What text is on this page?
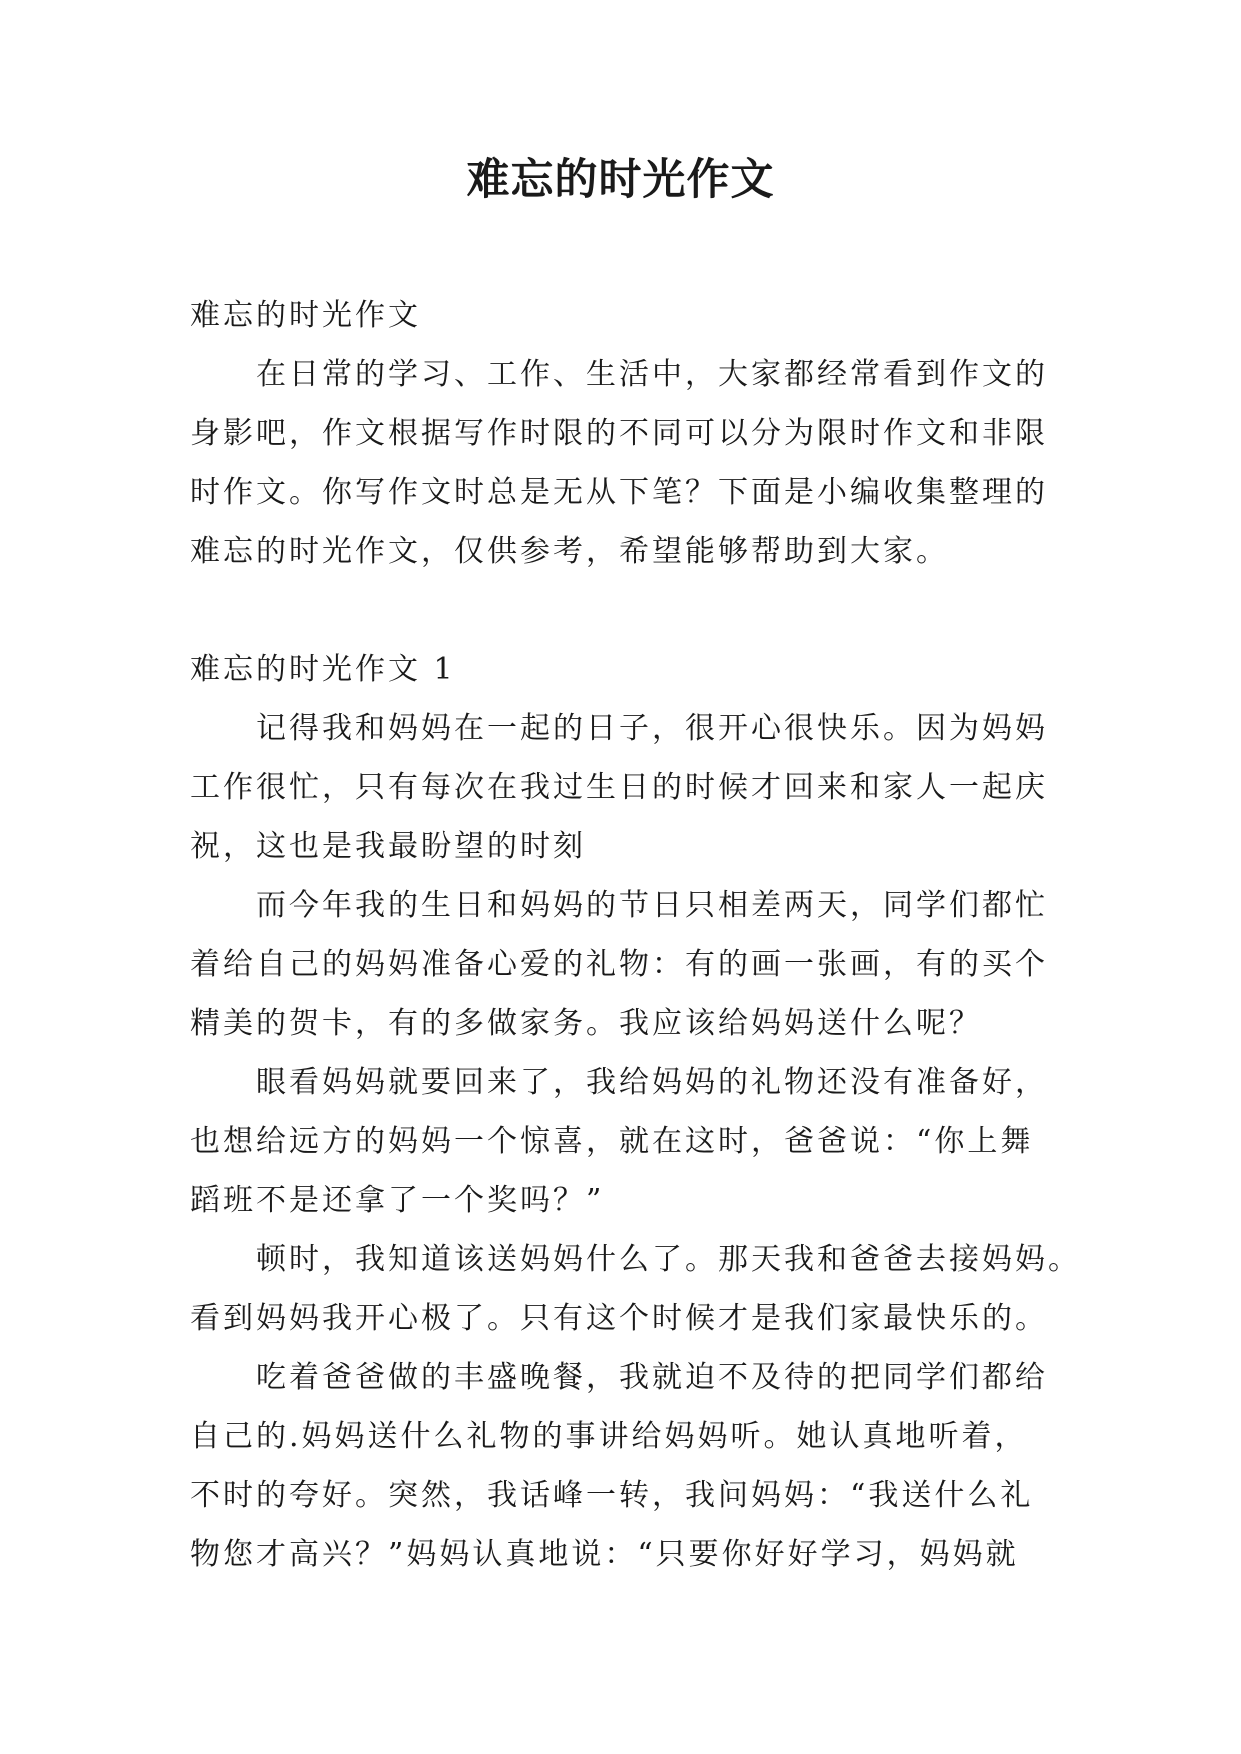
难忘的时光作文
难忘的时光作文
在日常的学习、工作、生活中，大家都经常看到作文的
身影吧，作文根据写作时限的不同可以分为限时作文和非限
时作文。你写作文时总是无从下笔？下面是小编收集整理的
难忘的时光作文，仅供参考，希望能够帮助到大家。
难忘的时光作文 1
记得我和妈妈在一起的日子，很开心很快乐。因为妈妈
工作很忙，只有每次在我过生日的时候才回来和家人一起庆
祝，这也是我最盼望的时刻
而今年我的生日和妈妈的节日只相差两天，同学们都忙
着给自己的妈妈准备心爱的礼物：有的画一张画，有的买个
精美的贺卡，有的多做家务。我应该给妈妈送什么呢？
眼看妈妈就要回来了，我给妈妈的礼物还没有准备好，
也想给远方的妈妈一个惊喜，就在这时，爸爸说：“你上舞
蹈班不是还拿了一个奖吗？”
顿时，我知道该送妈妈什么了。那天我和爸爸去接妈妈。
看到妈妈我开心极了。只有这个时候才是我们家最快乐的。
吃着爸爸做的丰盛晚餐，我就迫不及待的把同学们都给
自己的.妈妈送什么礼物的事讲给妈妈听。她认真地听着，
不时的夸好。突然，我话峰一转，我问妈妈：“我送什么礼
物您才高兴？”妈妈认真地说：“只要你好好学习，妈妈就
